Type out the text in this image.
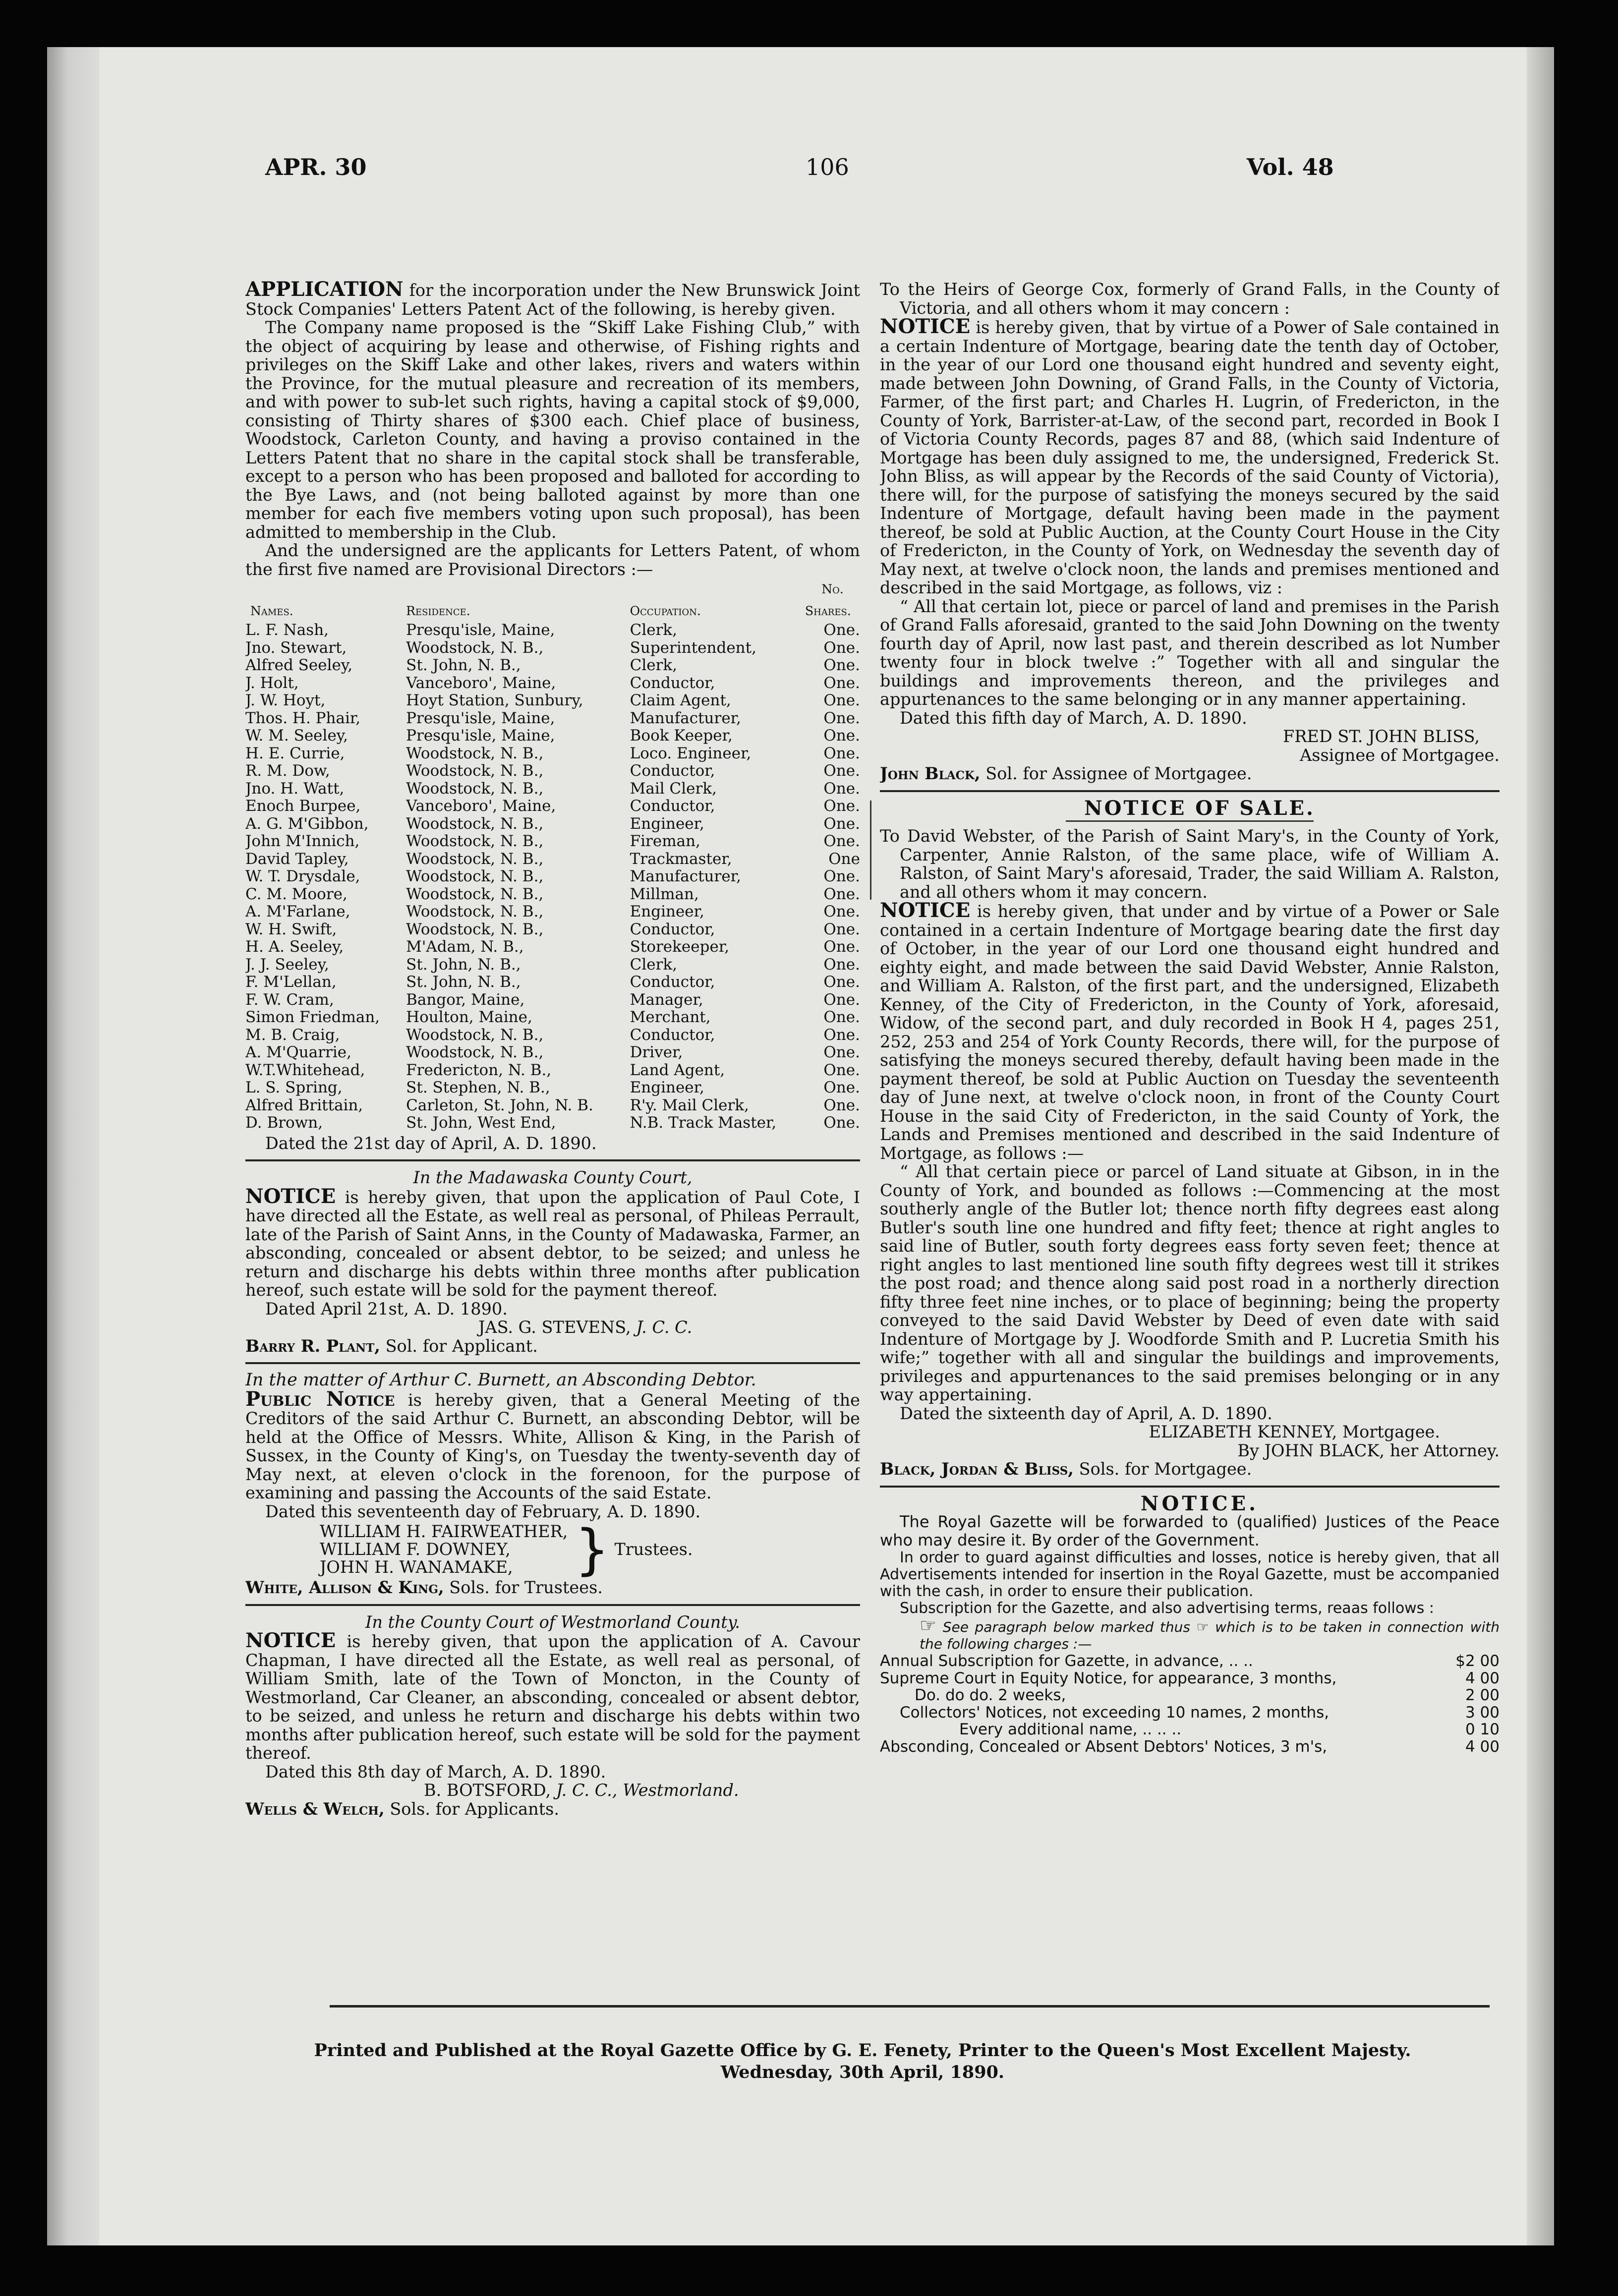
APR. 30	106	Vol. 48

APPLICATION for the incorporation under the New Brunswick Joint Stock Companies' Letters Patent Act of the following, is hereby given.

The Company name proposed is the “Skiff Lake Fishing Club,” with the object of acquiring by lease and otherwise, of Fishing rights and privileges on the Skiff Lake and other lakes, rivers and waters within the Province, for the mutual pleasure and recreation of its members, and with power to sub-let such rights, having a capital stock of $9,000, consisting of Thirty shares of $300 each. Chief place of business, Woodstock, Carleton County, and having a proviso contained in the Letters Patent that no share in the capital stock shall be transferable, except to a person who has been proposed and balloted for according to the Bye Laws, and (not being balloted against by more than one member for each five members voting upon such proposal), has been admitted to membership in the Club.

And the undersigned are the applicants for Letters Patent, of whom the first five named are Provisional Directors :—

			No.
Names.	Residence.	Occupation.	Shares.
L. F. Nash,	Presqu'isle, Maine,	Clerk,	One.
Jno. Stewart,	Woodstock, N. B.,	Superintendent,	One.
Alfred Seeley,	St. John, N. B.,	Clerk,	One.
J. Holt,	Vanceboro', Maine,	Conductor,	One.
J. W. Hoyt,	Hoyt Station, Sunbury,	Claim Agent,	One.
Thos. H. Phair,	Presqu'isle, Maine,	Manufacturer,	One.
W. M. Seeley,	Presqu'isle, Maine,	Book Keeper,	One.
H. E. Currie,	Woodstock, N. B.,	Loco. Engineer,	One.
R. M. Dow,	Woodstock, N. B.,	Conductor,	One.
Jno. H. Watt,	Woodstock, N. B.,	Mail Clerk,	One.
Enoch Burpee,	Vanceboro', Maine,	Conductor,	One.
A. G. M'Gibbon,	Woodstock, N. B.,	Engineer,	One.
John M'Innich,	Woodstock, N. B.,	Fireman,	One.
David Tapley,	Woodstock, N. B.,	Trackmaster,	One
W. T. Drysdale,	Woodstock, N. B.,	Manufacturer,	One.
C. M. Moore,	Woodstock, N. B.,	Millman,	One.
A. M'Farlane,	Woodstock, N. B.,	Engineer,	One.
W. H. Swift,	Woodstock, N. B.,	Conductor,	One.
H. A. Seeley,	M'Adam, N. B.,	Storekeeper,	One.
J. J. Seeley,	St. John, N. B.,	Clerk,	One.
F. M'Lellan,	St. John, N. B.,	Conductor,	One.
F. W. Cram,	Bangor, Maine,	Manager,	One.
Simon Friedman,	Houlton, Maine,	Merchant,	One.
M. B. Craig,	Woodstock, N. B.,	Conductor,	One.
A. M'Quarrie,	Woodstock, N. B.,	Driver,	One.
W.T.Whitehead,	Fredericton, N. B.,	Land Agent,	One.
L. S. Spring,	St. Stephen, N. B.,	Engineer,	One.
Alfred Brittain,	Carleton, St. John, N. B.	R'y. Mail Clerk,	One.
D. Brown,	St. John, West End,	N.B. Track Master,	One.

Dated the 21st day of April, A. D. 1890.

In the Madawaska County Court,

NOTICE is hereby given, that upon the application of Paul Cote, I have directed all the Estate, as well real as personal, of Phileas Perrault, late of the Parish of Saint Anns, in the County of Madawaska, Farmer, an absconding, concealed or absent debtor, to be seized; and unless he return and discharge his debts within three months after publication hereof, such estate will be sold for the payment thereof.

Dated April 21st, A. D. 1890.

JAS. G. STEVENS, J. C. C.

Barry R. Plant, Sol. for Applicant.

In the matter of Arthur C. Burnett, an Absconding Debtor.

Public Notice is hereby given, that a General Meeting of the Creditors of the said Arthur C. Burnett, an absconding Debtor, will be held at the Office of Messrs. White, Allison & King, in the Parish of Sussex, in the County of King's, on Tuesday the twenty-seventh day of May next, at eleven o'clock in the forenoon, for the purpose of examining and passing the Accounts of the said Estate.

Dated this seventeenth day of February, A. D. 1890.

WILLIAM H. FAIRWEATHER,
WILLIAM F. DOWNEY,
JOHN H. WANAMAKE,	} Trustees.

White, Allison & King, Sols. for Trustees.

In the County Court of Westmorland County.

NOTICE is hereby given, that upon the application of A. Cavour Chapman, I have directed all the Estate, as well real as personal, of William Smith, late of the Town of Moncton, in the County of Westmorland, Car Cleaner, an absconding, concealed or absent debtor, to be seized, and unless he return and discharge his debts within two months after publication hereof, such estate will be sold for the payment thereof.

Dated this 8th day of March, A. D. 1890.

B. BOTSFORD, J. C. C., Westmorland.

Wells & Welch, Sols. for Applicants.

To the Heirs of George Cox, formerly of Grand Falls, in the County of Victoria, and all others whom it may concern :

NOTICE is hereby given, that by virtue of a Power of Sale contained in a certain Indenture of Mortgage, bearing date the tenth day of October, in the year of our Lord one thousand eight hundred and seventy eight, made between John Downing, of Grand Falls, in the County of Victoria, Farmer, of the first part; and Charles H. Lugrin, of Fredericton, in the County of York, Barrister-at-Law, of the second part, recorded in Book I of Victoria County Records, pages 87 and 88, (which said Indenture of Mortgage has been duly assigned to me, the undersigned, Frederick St. John Bliss, as will appear by the Records of the said County of Victoria), there will, for the purpose of satisfying the moneys secured by the said Indenture of Mortgage, default having been made in the payment thereof, be sold at Public Auction, at the County Court House in the City of Fredericton, in the County of York, on Wednesday the seventh day of May next, at twelve o'clock noon, the lands and premises mentioned and described in the said Mortgage, as follows, viz :

“ All that certain lot, piece or parcel of land and premises in the Parish of Grand Falls aforesaid, granted to the said John Downing on the twenty fourth day of April, now last past, and therein described as lot Number twenty four in block twelve :” Together with all and singular the buildings and improvements thereon, and the privileges and appurtenances to the same belonging or in any manner appertaining.

Dated this fifth day of March, A. D. 1890.

FRED ST. JOHN BLISS,

Assignee of Mortgagee.

John Black, Sol. for Assignee of Mortgagee.

NOTICE OF SALE.

To David Webster, of the Parish of Saint Mary's, in the County of York, Carpenter, Annie Ralston, of the same place, wife of William A. Ralston, of Saint Mary's aforesaid, Trader, the said William A. Ralston, and all others whom it may concern.

NOTICE is hereby given, that under and by virtue of a Power or Sale contained in a certain Indenture of Mortgage bearing date the first day of October, in the year of our Lord one thousand eight hundred and eighty eight, and made between the said David Webster, Annie Ralston, and William A. Ralston, of the first part, and the undersigned, Elizabeth Kenney, of the City of Fredericton, in the County of York, aforesaid, Widow, of the second part, and duly recorded in Book H 4, pages 251, 252, 253 and 254 of York County Records, there will, for the purpose of satisfying the moneys secured thereby, default having been made in the payment thereof, be sold at Public Auction on Tuesday the seventeenth day of June next, at twelve o'clock noon, in front of the County Court House in the said City of Fredericton, in the said County of York, the Lands and Premises mentioned and described in the said Indenture of Mortgage, as follows :—

“ All that certain piece or parcel of Land situate at Gibson, in in the County of York, and bounded as follows :—Commencing at the most southerly angle of the Butler lot; thence north fifty degrees east along Butler's south line one hundred and fifty feet; thence at right angles to said line of Butler, south forty degrees eass forty seven feet; thence at right angles to last mentioned line south fifty degrees west till it strikes the post road; and thence along said post road in a northerly direction fifty three feet nine inches, or to place of beginning; being the property conveyed to the said David Webster by Deed of even date with said Indenture of Mortgage by J. Woodforde Smith and P. Lucretia Smith his wife;” together with all and singular the buildings and improvements, privileges and appurtenances to the said premises belonging or in any way appertaining.

Dated the sixteenth day of April, A. D. 1890.

ELIZABETH KENNEY, Mortgagee.

By JOHN BLACK, her Attorney.

Black, Jordan & Bliss, Sols. for Mortgagee.

NOTICE.

The Royal Gazette will be forwarded to (qualified) Justices of the Peace who may desire it. By order of the Government.

In order to guard against difficulties and losses, notice is hereby given, that all Advertisements intended for insertion in the Royal Gazette, must be accompanied with the cash, in order to ensure their publication.

Subscription for the Gazette, and also advertising terms, reaas follows :

☞ See paragraph below marked thus ☞ which is to be taken in connection with the following charges :—

Annual Subscription for Gazette, in advance, .. ..	$2 00
Supreme Court in Equity Notice, for appearance, 3 months,	4 00
Do. do do. 2 weeks,	2 00
Collectors' Notices, not exceeding 10 names, 2 months,	3 00
Every additional name, .. .. ..	0 10
Absconding, Concealed or Absent Debtors' Notices, 3 m's,	4 00
Printed and Published at the Royal Gazette Office by G. E. Fenety, Printer to the Queen's Most Excellent Majesty.
Wednesday, 30th April, 1890.
